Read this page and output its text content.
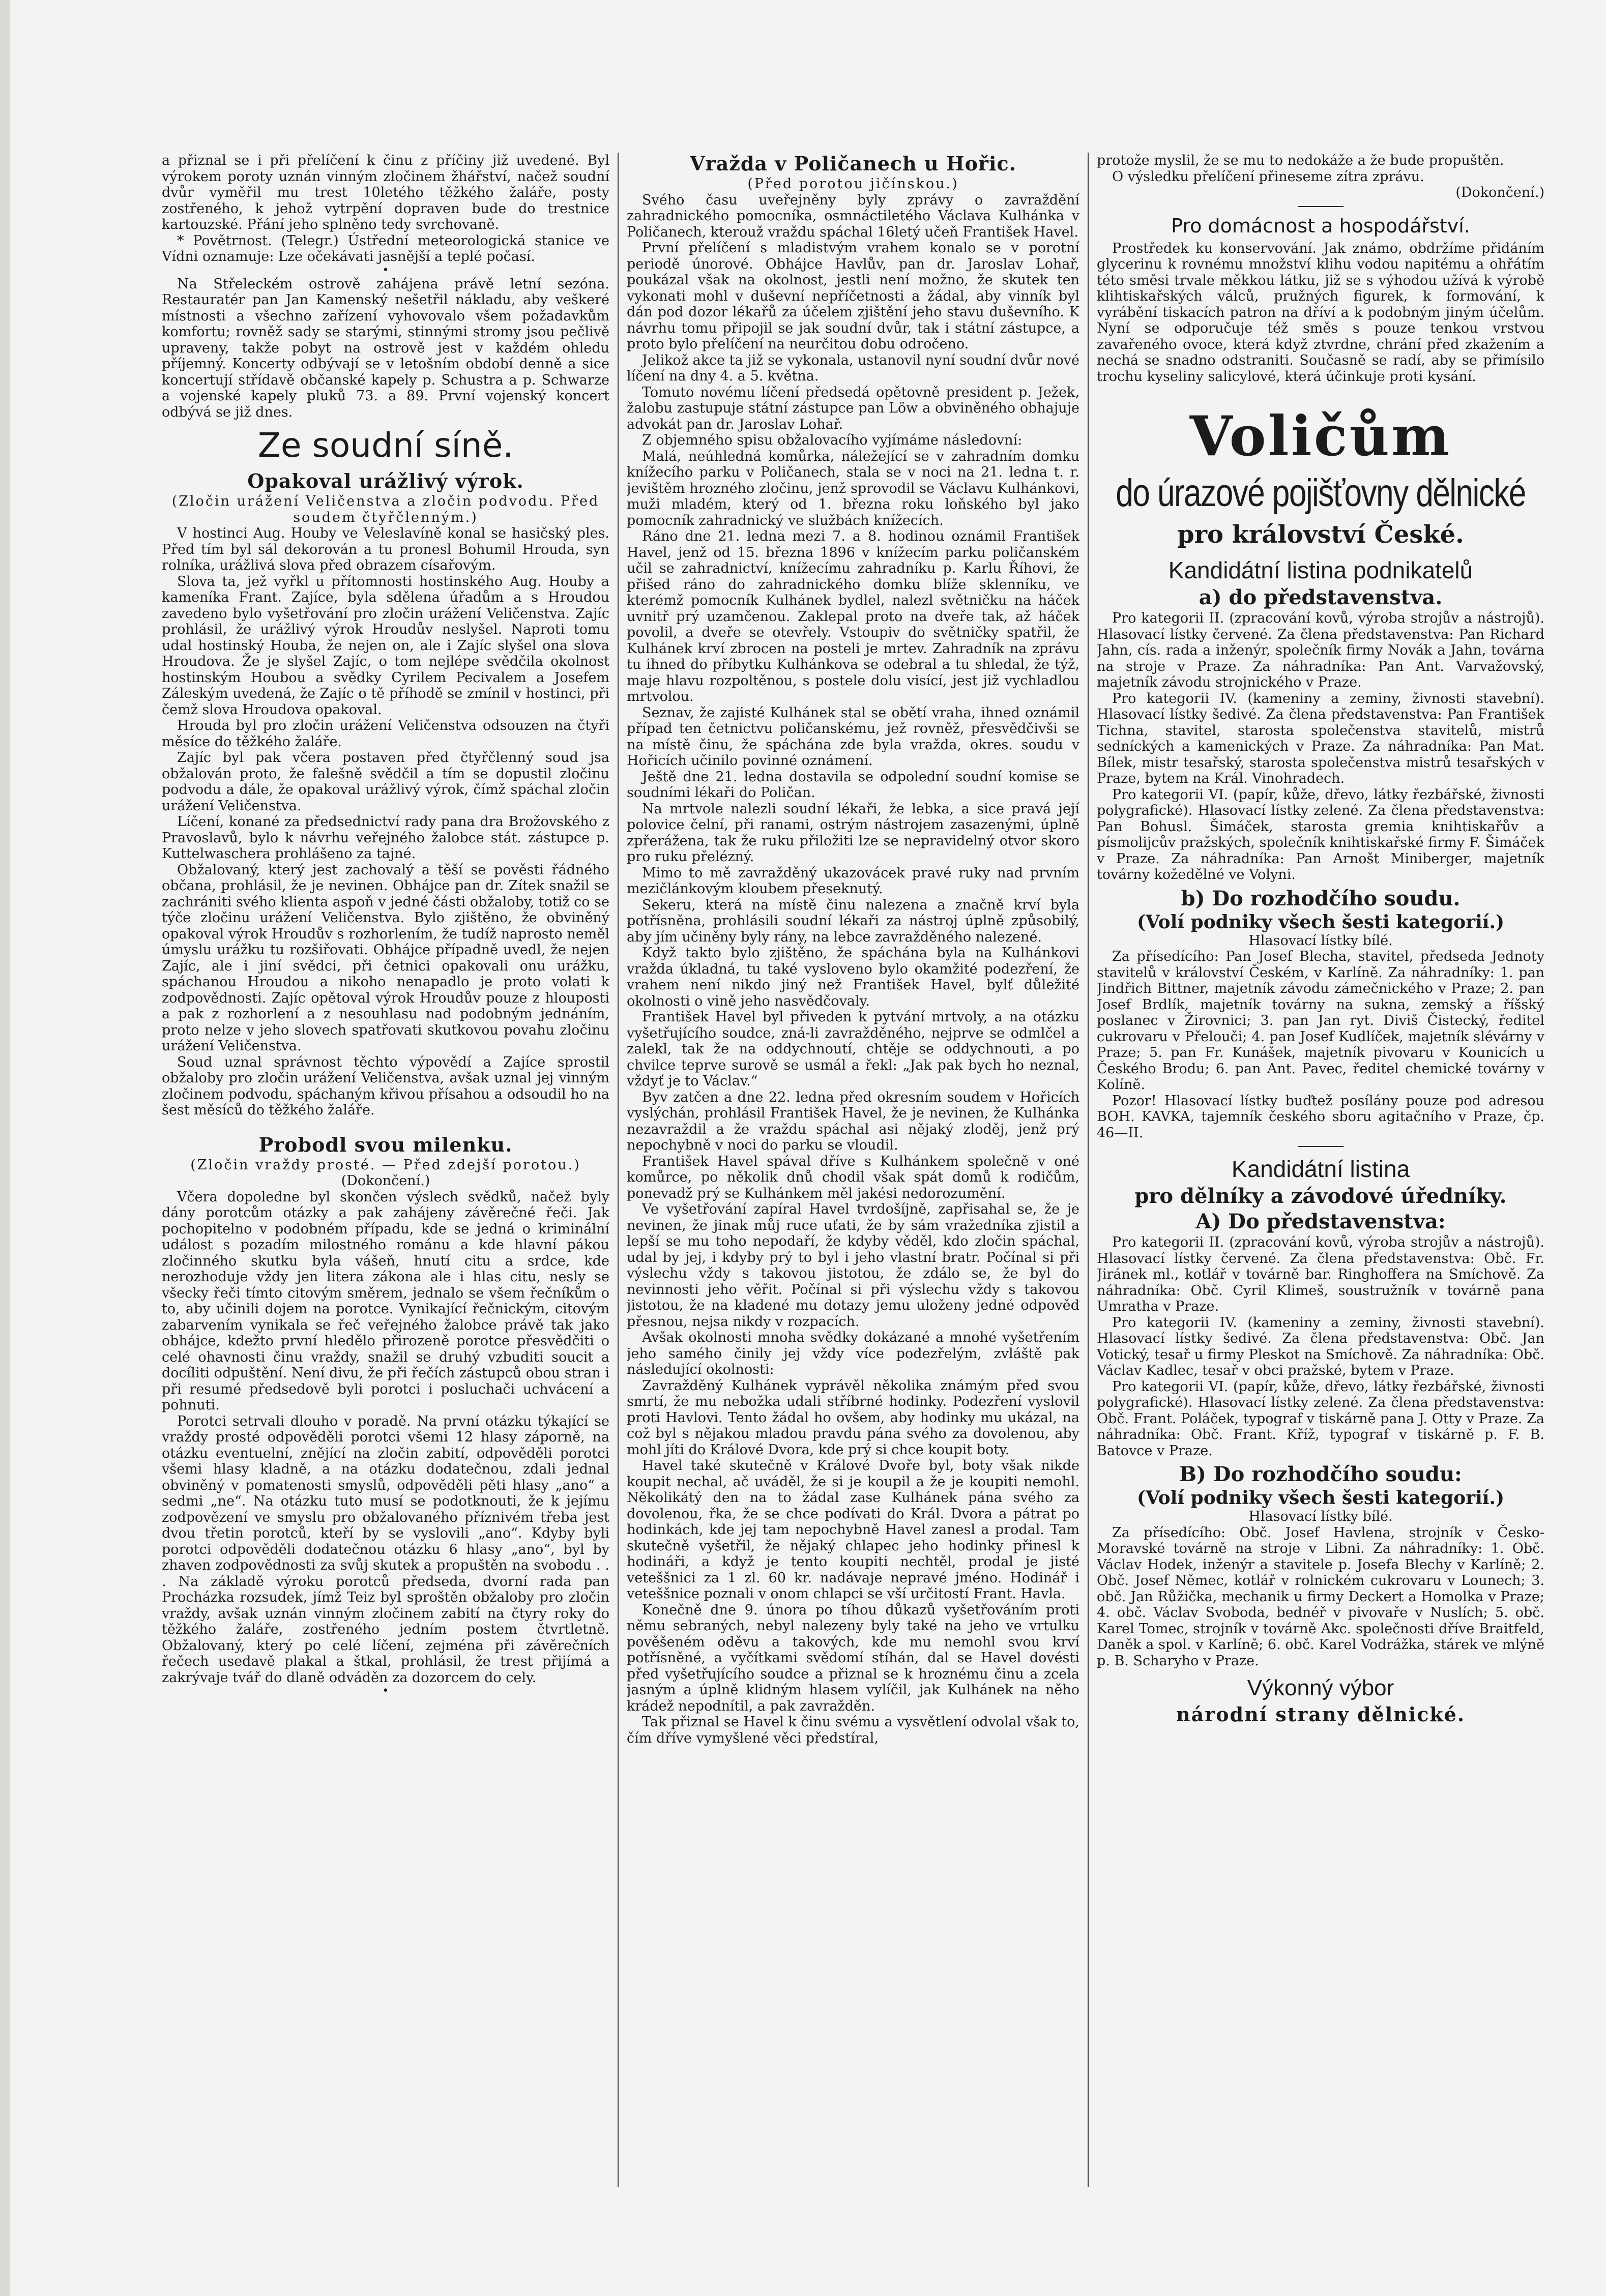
a přiznal se i při přelíčení k činu z příčiny již uvedené. Byl výrokem poroty uznán vinným zločinem žhářství, načež soudní dvůr vyměřil mu trest 10letého těžkého žaláře, posty zostřeného, k jehož vytrpění dopraven bude do trestnice kartouzské. Přání jeho splněno tedy svrchovaně.

* Povětrnost. (Telegr.) Ústřední meteorologická stanice ve Vídni oznamuje: Lze očekávati jasnější a teplé počasí.

•

Na Střeleckém ostrově zahájena právě letní sezóna. Restauratér pan Jan Kamenský nešetřil nákladu, aby veškeré místnosti a všechno zařízení vyhovovalo všem požadavkům komfortu; rovněž sady se starými, stinnými stromy jsou pečlivě upraveny, takže pobyt na ostrově jest v každém ohledu příjemný. Koncerty odbývají se v letošním období denně a sice koncertují střídavě občanské kapely p. Schustra a p. Schwarze a vojenské kapely pluků 73. a 89. První vojenský koncert odbývá se již dnes.

Ze soudní síně.
Opakoval urážlivý výrok.

(Zločin urážení Veličenstva a zločin podvodu. Před soudem čtyřčlenným.)

V hostinci Aug. Houby ve Veleslavíně konal se hasičský ples. Před tím byl sál dekorován a tu pronesl Bohumil Hrouda, syn rolníka, urážlivá slova před obrazem císařovým.

Slova ta, jež vyřkl u přítomnosti hostinského Aug. Houby a kameníka Frant. Zajíce, byla sdělena úřadům a s Hroudou zavedeno bylo vyšetřování pro zločin urážení Veličenstva. Zajíc prohlásil, že urážlivý výrok Hroudův neslyšel. Naproti tomu udal hostinský Houba, že nejen on, ale i Zajíc slyšel ona slova Hroudova. Že je slyšel Zajíc, o tom nejlépe svědčila okolnost hostinským Houbou a svědky Cyrilem Pecivalem a Josefem Záleským uvedená, že Zajíc o tě příhodě se zmínil v hostinci, při čemž slova Hroudova opakoval.

Hrouda byl pro zločin urážení Veličenstva odsouzen na čtyři měsíce do těžkého žaláře.

Zajíc byl pak včera postaven před čtyřčlenný soud jsa obžalován proto, že falešně svědčil a tím se dopustil zločinu podvodu a dále, že opakoval urážlivý výrok, čímž spáchal zločin urážení Veličenstva.

Líčení, konané za předsednictví rady pana dra Brožovského z Pravoslavů, bylo k návrhu veřejného žalobce stát. zástupce p. Kuttelwaschera prohlášeno za tajné.

Obžalovaný, který jest zachovalý a těší se pověsti řádného občana, prohlásil, že je nevinen. Obhájce pan dr. Zítek snažil se zachrániti svého klienta aspoň v jedné části obžaloby, totiž co se týče zločinu urážení Veličenstva. Bylo zjištěno, že obviněný opakoval výrok Hroudův s rozhorlením, že tudíž naprosto neměl úmyslu urážku tu rozšiřovati. Obhájce případně uvedl, že nejen Zajíc, ale i jiní svědci, při četnici opakovali onu urážku, spáchanou Hroudou a nikoho nenapadlo je proto volati k zodpovědnosti. Zajíc opětoval výrok Hroudův pouze z hlouposti a pak z rozhorlení a z nesouhlasu nad podobným jednáním, proto nelze v jeho slovech spatřovati skutkovou povahu zločinu urážení Veličenstva.

Soud uznal správnost těchto výpovědí a Zajíce sprostil obžaloby pro zločin urážení Veličenstva, avšak uznal jej vinným zločinem podvodu, spáchaným křivou přísahou a odsoudil ho na šest měsíců do těžkého žaláře.

Probodl svou milenku.

(Zločin vraždy prosté. — Před zdejší porotou.)

(Dokončení.)

Včera dopoledne byl skončen výslech svědků, načež byly dány porotcům otázky a pak zahájeny závěrečné řeči. Jak pochopitelno v podobném případu, kde se jedná o kriminální událost s pozadím milostného románu a kde hlavní pákou zločinného skutku byla vášeň, hnutí citu a srdce, kde nerozhoduje vždy jen litera zákona ale i hlas citu, nesly se všecky řeči tímto citovým směrem, jednalo se všem řečníkům o to, aby učinili dojem na porotce. Vynikající řečnickým, citovým zabarvením vynikala se řeč veřejného žalobce právě tak jako obhájce, kdežto první hledělo přirozeně porotce přesvědčiti o celé ohavnosti činu vraždy, snažil se druhý vzbuditi soucit a docíliti odpuštění. Není divu, že při řečích zástupců obou stran i při resumé předsedově byli porotci i posluchači uchvácení a pohnuti.

Porotci setrvali dlouho v poradě. Na první otázku týkající se vraždy prosté odpověděli porotci všemi 12 hlasy záporně, na otázku eventuelní, znějící na zločin zabití, odpověděli porotci všemi hlasy kladně, a na otázku dodatečnou, zdali jednal obviněný v pomatenosti smyslů, odpověděli pěti hlasy „ano“ a sedmi „ne“. Na otázku tuto musí se podotknouti, že k jejímu zodpovězení ve smyslu pro obžalovaného příznivém třeba jest dvou třetin porotců, kteří by se vyslovili „ano“. Kdyby byli porotci odpověděli dodatečnou otázku 6 hlasy „ano“, byl by zhaven zodpovědnosti za svůj skutek a propuštěn na svobodu . . . Na základě výroku porotců předseda, dvorní rada pan Procházka rozsudek, jímž Teiz byl sproštěn obžaloby pro zločin vraždy, avšak uznán vinným zločinem zabití na čtyry roky do těžkého žaláře, zostřeného jedním postem čtvrtletně. Obžalovaný, který po celé líčení, zejména při závěrečních řečech usedavě plakal a štkal, prohlásil, že trest přijímá a zakrývaje tvář do dlaně odváděn za dozorcem do cely.

•
Vražda v Poličanech u Hořic.

(Před porotou jičínskou.)

Svého času uveřejněny byly zprávy o zavraždění zahradnického pomocníka, osmnáctiletého Václava Kulhánka v Poličanech, kterouž vraždu spáchal 16letý učeň František Havel.

První přelíčení s mladistvým vrahem konalo se v porotní periodě únorové. Obhájce Havlův, pan dr. Jaroslav Lohař, poukázal však na okolnost, jestli není možno, že skutek ten vykonati mohl v duševní nepříčetnosti a žádal, aby vinník byl dán pod dozor lékařů za účelem zjištění jeho stavu duševního. K návrhu tomu připojil se jak soudní dvůr, tak i státní zástupce, a proto bylo přelíčení na neurčitou dobu odročeno.

Jelikož akce ta již se vykonala, ustanovil nyní soudní dvůr nové líčení na dny 4. a 5. května.

Tomuto novému líčení předsedá opětovně president p. Ježek, žalobu zastupuje státní zástupce pan Löw a obviněného obhajuje advokát pan dr. Jaroslav Lohař.

Z objemného spisu obžalovacího vyjímáme následovní:

Malá, neúhledná komůrka, náležející se v zahradním domku knížecího parku v Poličanech, stala se v noci na 21. ledna t. r. jevištěm hrozného zločinu, jenž sprovodil se Václavu Kulhánkovi, muži mladém, který od 1. března roku loňského byl jako pomocník zahradnický ve službách knížecích.

Ráno dne 21. ledna mezi 7. a 8. hodinou oznámil František Havel, jenž od 15. března 1896 v knížecím parku poličanském učil se zahradnictví, knížecímu zahradníku p. Karlu Říhovi, že přišed ráno do zahradnického domku blíže sklenníku, ve kterémž pomocník Kulhánek bydlel, nalezl světničku na háček uvnitř prý uzamčenou. Zaklepal proto na dveře tak, až háček povolil, a dveře se otevřely. Vstoupiv do světničky spatřil, že Kulhánek krví zbrocen na posteli je mrtev. Zahradník na zprávu tu ihned do příbytku Kulhánkova se odebral a tu shledal, že týž, maje hlavu rozpoltěnou, s postele dolu visící, jest již vychladlou mrtvolou.

Seznav, že zajisté Kulhánek stal se obětí vraha, ihned oznámil případ ten četnictvu poličanskému, jež rovněž, přesvědčivši se na místě činu, že spáchána zde byla vražda, okres. soudu v Hořicích učinilo povinné oznámení.

Ještě dne 21. ledna dostavila se odpolední soudní komise se soudními lékaři do Poličan.

Na mrtvole nalezli soudní lékaři, že lebka, a sice pravá její polovice čelní, při ranami, ostrým nástrojem zasazenými, úplně zpřerážena, tak že ruku přiložiti lze se nepravidelný otvor skoro pro ruku přelézný.

Mimo to mě zavražděný ukazovácek pravé ruky nad prvním mezičlánkovým kloubem přeseknutý.

Sekeru, která na místě činu nalezena a značně krví byla potřísněna, prohlásili soudní lékaři za nástroj úplně způsobilý, aby jím učiněny byly rány, na lebce zavražděného nalezené.

Když takto bylo zjištěno, že spáchána byla na Kulhánkovi vražda úkladná, tu také vysloveno bylo okamžité podezření, že vrahem není nikdo jiný než František Havel, bylť důležité okolnosti o vině jeho nasvědčovaly.

František Havel byl přiveden k pytvání mrtvoly, a na otázku vyšetřujícího soudce, zná-li zavražděného, nejprve se odmlčel a zalekl, tak že na oddychnoutí, chtěje se oddychnouti, a po chvilce teprve surově se usmál a řekl: „Jak pak bych ho neznal, vždyť je to Václav.“

Byv zatčen a dne 22. ledna před okresním soudem v Hořicích vyslýchán, prohlásil František Havel, že je nevinen, že Kulhánka nezavraždil a že vraždu spáchal asi nějaký zloděj, jenž prý nepochybně v noci do parku se vloudil.

František Havel spával dříve s Kulhánkem společně v oné komůrce, po několik dnů chodil však spát domů k rodičům, ponevadž prý se Kulhánkem měl jakési nedorozumění.

Ve vyšetřování zapíral Havel tvrdošíjně, zapřisahal se, že je nevinen, že jinak můj ruce uťati, že by sám vražedníka zjistil a lepší se mu toho nepodaří, že kdyby věděl, kdo zločin spáchal, udal by jej, i kdyby prý to byl i jeho vlastní bratr. Počínal si při výslechu vždy s takovou jistotou, že zdálo se, že byl do nevinnosti jeho věřit. Počínal si při výslechu vždy s takovou jistotou, že na kladené mu dotazy jemu uloženy jedné odpověď přesnou, nejsa nikdy v rozpacích.

Avšak okolnosti mnoha svědky dokázané a mnohé vyšetřením jeho samého činily jej vždy více podezřelým, zvláště pak následující okolnosti:

Zavražděný Kulhánek vyprávěl několika známým před svou smrtí, že mu nebožka udali stříbrné hodinky. Podezření vyslovil proti Havlovi. Tento žádal ho ovšem, aby hodinky mu ukázal, na což byl s nějakou mladou pravdu pána svého za dovolenou, aby mohl jíti do Králové Dvora, kde prý si chce koupit boty.

Havel také skutečně v Králové Dvoře byl, boty však nikde koupit nechal, ač uváděl, že si je koupil a že je koupiti nemohl. Několikátý den na to žádal zase Kulhánek pána svého za dovolenou, řka, že se chce podívati do Král. Dvora a pátrat po hodinkách, kde jej tam nepochybně Havel zanesl a prodal. Tam skutečně vyšetřil, že nějaký chlapec jeho hodinky přinesl k hodináři, a když je tento koupiti nechtěl, prodal je jisté veteššnici za 1 zl. 60 kr. nadávaje nepravé jméno. Hodinář i veteššnice poznali v onom chlapci se vší určitostí Frant. Havla.

Konečně dne 9. února po tíhou důkazů vyšetřováním proti němu sebraných, nebyl nalezeny byly také na jeho ve vrtulku pověšeném oděvu a takových, kde mu nemohl svou krví potřísněné, a vyčítkami svědomí stíhán, dal se Havel dovésti před vyšetřujícího soudce a přiznal se k hroznému činu a zcela jasným a úplně klidným hlasem vylíčil, jak Kulhánek na něho krádež nepodnítil, a pak zavražděn.

Tak přiznal se Havel k činu svému a vysvětlení odvolal však to, čím dříve vymyšlené věci předstíral,

protože myslil, že se mu to nedokáže a že bude propuštěn.

O výsledku přelíčení přineseme zítra zprávu.

(Dokončení.)

Pro domácnost a hospodářství.

Prostředek ku konservování. Jak známo, obdržíme přidáním glycerinu k rovnému množství klihu vodou napitému a ohřátím této směsi trvale měkkou látku, již se s výhodou užívá k výrobě klihtiskařských válců, pružných figurek, k formování, k vyrábění tiskacích patron na dříví a k podobným jiným účelům. Nyní se odporučuje též směs s pouze tenkou vrstvou zavařeného ovoce, která když ztvrdne, chrání před zkažením a nechá se snadno odstraniti. Současně se radí, aby se přimísilo trochu kyseliny salicylové, která účinkuje proti kysání.

Voličům
do úrazové pojišťovny dělnické
pro království České.
Kandidátní listina podnikatelů
a) do představenstva.

Pro kategorii II. (zpracování kovů, výroba strojův a nástrojů). Hlasovací lístky červené. Za člena představenstva: Pan Richard Jahn, cís. rada a inženýr, společník firmy Novák a Jahn, továrna na stroje v Praze. Za náhradníka: Pan Ant. Varvažovský, majetník závodu strojnického v Praze.

Pro kategorii IV. (kameniny a zeminy, živnosti stavební). Hlasovací lístky šedivé. Za člena představenstva: Pan František Tichna, stavitel, starosta společenstva stavitelů, mistrů sedníckých a kamenických v Praze. Za náhradníka: Pan Mat. Bílek, mistr tesařský, starosta společenstva mistrů tesařských v Praze, bytem na Král. Vinohradech.

Pro kategorii VI. (papír, kůže, dřevo, látky řezbářské, živnosti polygrafické). Hlasovací lístky zelené. Za člena představenstva: Pan Bohusl. Šimáček, starosta gremia knihtiskařův a písmolijcův pražských, společník knihtiskařské firmy F. Šimáček v Praze. Za náhradníka: Pan Arnošt Miniberger, majetník továrny kožedělné ve Volyni.

b) Do rozhodčího soudu.
(Volí podniky všech šesti kategorií.)

Hlasovací lístky bílé.

Za přísedícího: Pan Josef Blecha, stavitel, předseda Jednoty stavitelů v království Českém, v Karlíně. Za náhradníky: 1. pan Jindřich Bittner, majetník závodu zámečnického v Praze; 2. pan Josef Brdlík, majetník továrny na sukna, zemský a říšský poslanec v Žirovnici; 3. pan Jan ryt. Diviš Čistecký, ředitel cukrovaru v Přelouči; 4. pan Josef Kudlíček, majetník slévárny v Praze; 5. pan Fr. Kunášek, majetník pivovaru v Kounicích u Českého Brodu; 6. pan Ant. Pavec, ředitel chemické továrny v Kolíně.

Pozor! Hlasovací lístky buďtež posílány pouze pod adresou BOH. KAVKA, tajemník českého sboru agitačního v Praze, čp. 46—II.

Kandidátní listina
pro dělníky a závodové úředníky.
A) Do představenstva:

Pro kategorii II. (zpracování kovů, výroba strojův a nástrojů). Hlasovací lístky červené. Za člena představenstva: Obč. Fr. Jiránek ml., kotlář v továrně bar. Ringhoffera na Smíchově. Za náhradníka: Obč. Cyril Klimeš, soustružník v továrně pana Umratha v Praze.

Pro kategorii IV. (kameniny a zeminy, živnosti stavební). Hlasovací lístky šedivé. Za člena představenstva: Obč. Jan Votický, tesař u firmy Pleskot na Smíchově. Za náhradníka: Obč. Václav Kadlec, tesař v obci pražské, bytem v Praze.

Pro kategorii VI. (papír, kůže, dřevo, látky řezbářské, živnosti polygrafické). Hlasovací lístky zelené. Za člena představenstva: Obč. Frant. Poláček, typograf v tiskárně pana J. Otty v Praze. Za náhradníka: Obč. Frant. Kříž, typograf v tiskárně p. F. B. Batovce v Praze.

B) Do rozhodčího soudu:
(Volí podniky všech šesti kategorií.)

Hlasovací lístky bílé.

Za přísedícího: Obč. Josef Havlena, strojník v Česko-Moravské továrně na stroje v Libni. Za náhradníky: 1. Obč. Václav Hodek, inženýr a stavitele p. Josefa Blechy v Karlíně; 2. Obč. Josef Němec, kotlář v rolnickém cukrovaru v Lounech; 3. obč. Jan Růžička, mechanik u firmy Deckert a Homolka v Praze; 4. obč. Václav Svoboda, bednéř v pivovaře v Nuslích; 5. obč. Karel Tomec, strojník v továrně Akc. společnosti dříve Braitfeld, Daněk a spol. v Karlíně; 6. obč. Karel Vodrážka, stárek ve mlýně p. B. Scharyho v Praze.

Výkonný výbor
národní strany dělnické.
